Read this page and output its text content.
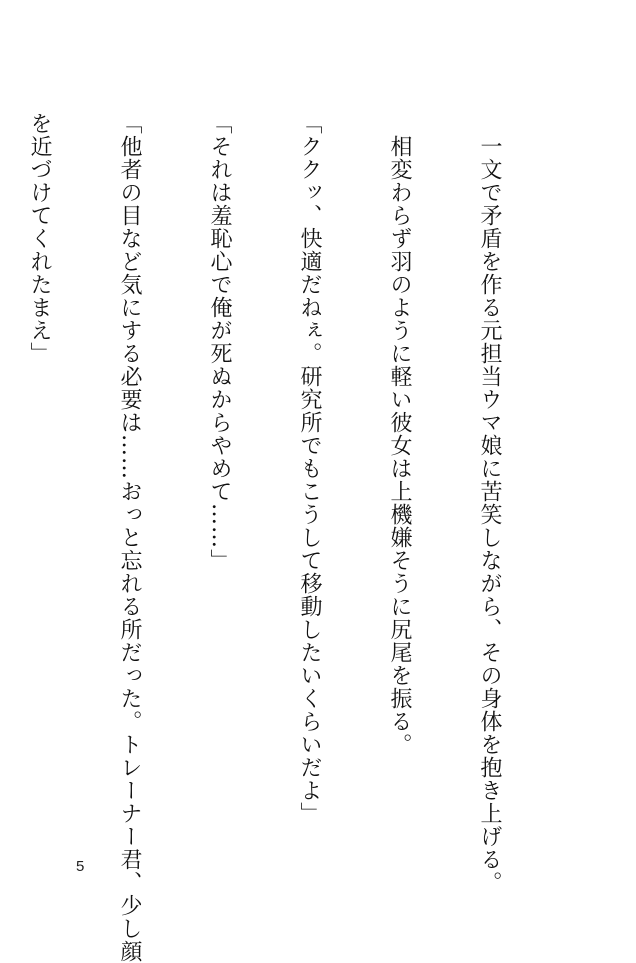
　一文で矛盾を作る元担当ウマ娘に苦笑しながら、その身体を抱き上げる。

　相変わらず羽のように軽い彼女は上機嫌そうに尻尾を振る。

「ククッ、快適だねぇ。研究所でもこうして移動したいくらいだよ」

「それは羞恥心で俺が死ぬからやめて……」

「他者の目など気にする必要は……おっと忘れる所だった。トレーナー君、少し顔

を近づけてくれたまえ」

5
